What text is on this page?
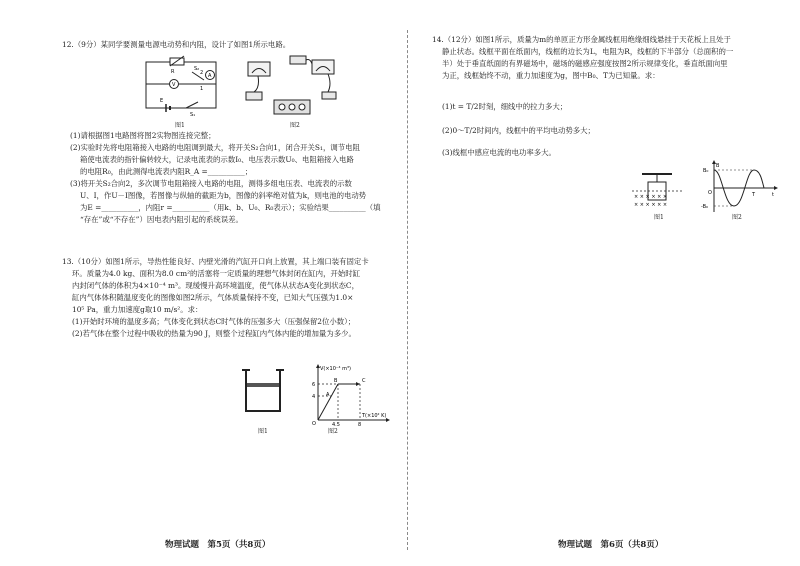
12.（9分）某同学要测量电源电动势和内阻，设计了如图1所示电路。
R
A
V
S₂
2
1
E
S₁
图1	图2
(1)请根据图1电路图将图2实物图连接完整；
(2)实验时先将电阻箱接入电路的电阻调到最大，将开关S₂合向1，闭合开关S₁，调节电阻
箱使电流表的指针偏转较大，记录电流表的示数I₀、电压表示数U₀、电阻箱接入电路
的电阻R₀，由此测得电流表内阻R_A =__________；
(3)将开关S₂合向2，多次调节电阻箱接入电路的电阻，测得多组电压表、电流表的示数
U、I，作U－I图像，若图像与纵轴的截距为b，图像的斜率绝对值为k，则电池的电动势
为E =__________，内阻r =__________（用k、b、U₀、R₀表示）；实验结果__________（填
“存在”或“不存在”）因电表内阻引起的系统误差。
13.（10分）如图1所示，导热性能良好、内壁光滑的汽缸开口向上放置，其上端口装有固定卡
环。质量为4.0 kg、面积为8.0 cm²的活塞将一定质量的理想气体封闭在缸内，开始时缸
内封闭气体的体积为4×10⁻⁴ m³。现缓慢升高环境温度，使气体从状态A变化到状态C，
缸内气体体积随温度变化的图像如图2所示，气体质量保持不变，已知大气压强为1.0×
10⁵ Pa，重力加速度g取10 m/s²。求：
(1)开始时环境的温度多高；气体变化到状态C时气体的压强多大（压强保留2位小数）；
(2)若气体在整个过程中吸收的热量为90 J，则整个过程缸内气体内能的增加量为多少。
图1
V(×10⁻⁴ m³)
T(×10² K)
O
6
4
4.5	8
A
B	C
图2
物理试题　第5页（共8页）
14.（12分）如图1所示，质量为m的单匝正方形金属线框用绝缘细线悬挂于天花板上且处于
静止状态。线框平面在纸面内，线框的边长为L，电阻为R，线框的下半部分（总面积的一
半）处于垂直纸面的有界磁场中，磁场的磁感应强度按图2所示规律变化，垂直纸面向里
为正，线框始终不动，重力加速度为g，图中B₀、T为已知量。求：
(1)t = T/2时刻，细线中的拉力多大；
(2)0～T/2时间内，线框中的平均电动势多大；
(3)线框中感应电流的电功率多大。
× × × × × ×
× × × × × ×
图1
B
B₀
-B₀
O	T	t
图2
物理试题　第6页（共8页）
